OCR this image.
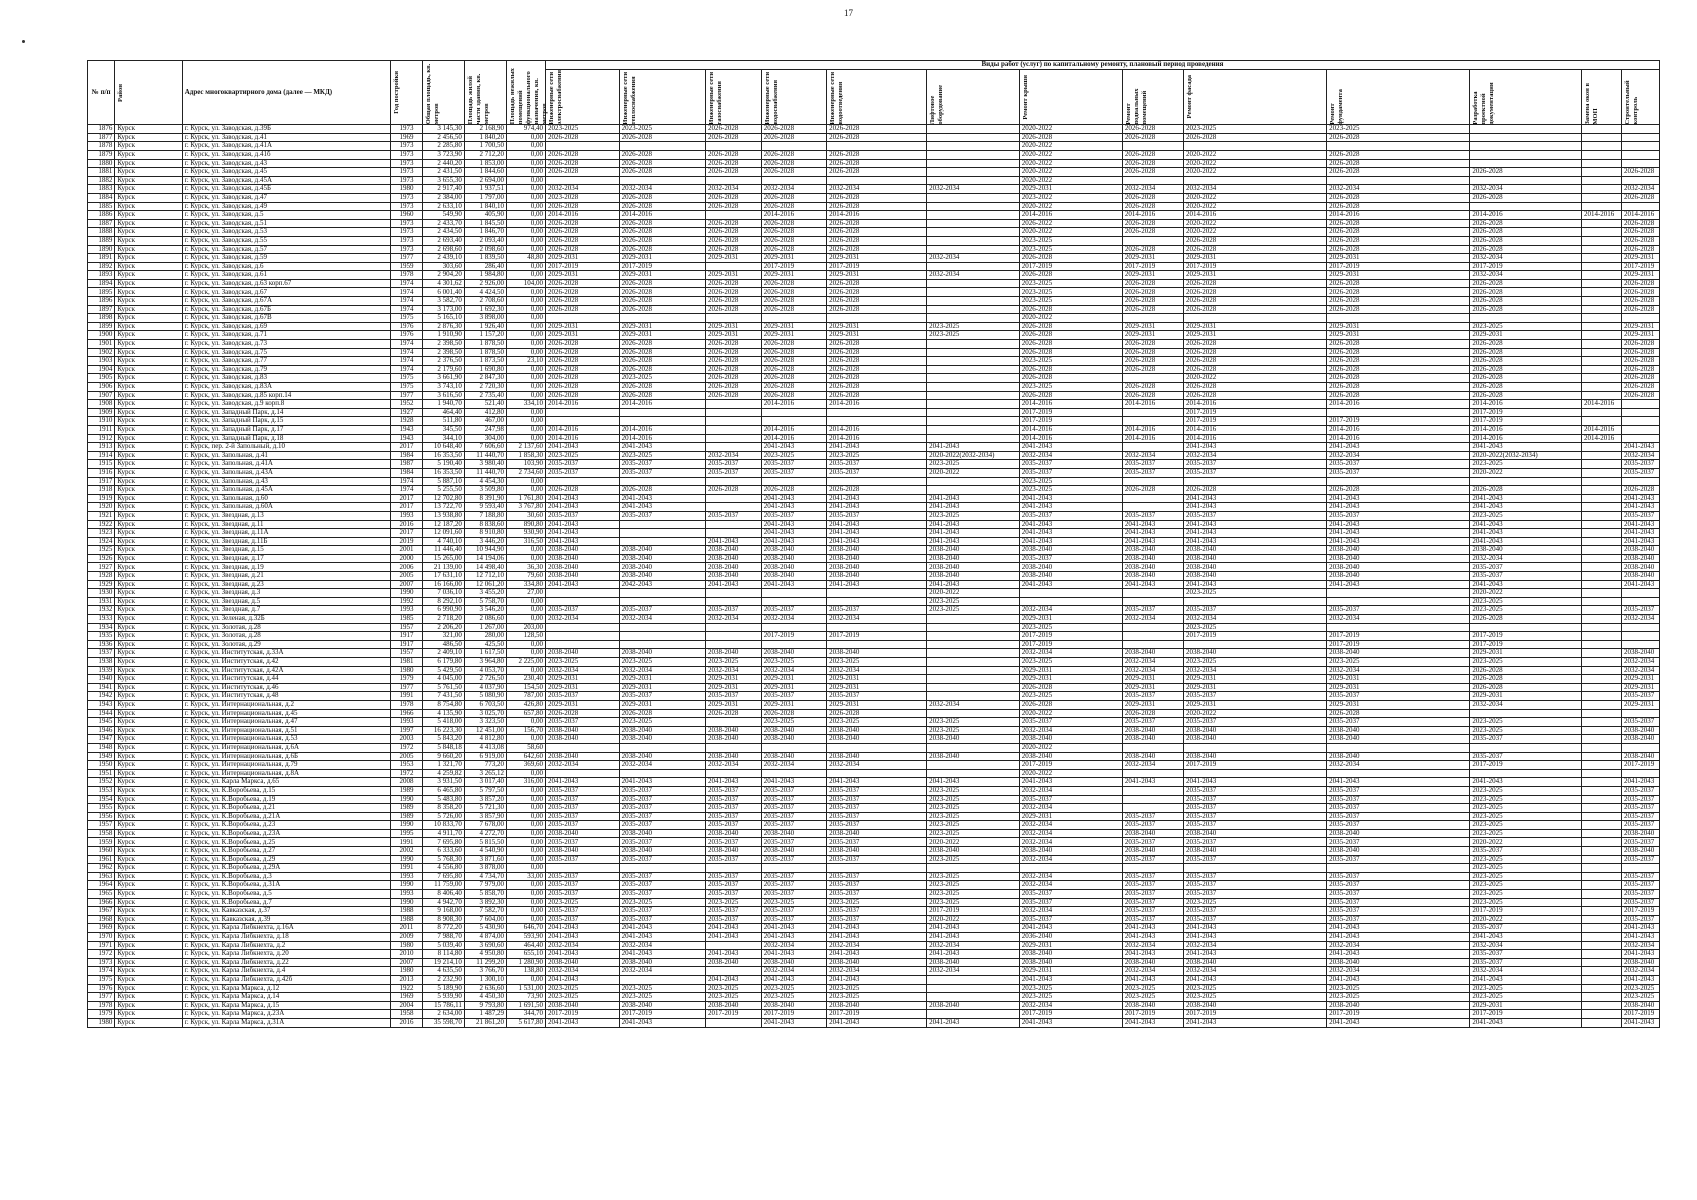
17
№ п/п	Район	Адрес многоквартирного дома (далее — МКД)	Год постройки	Общая площадь, кв. метров	Площадь жилой части здания, кв. метров	Площадь нежилых помещений функционального назначения, кв. метров	Виды работ (услуг) по капитальному ремонту, плановый период проведения												

							Инженерные сети электроснабжения	Инженерные сети теплоснабжения	Инженерные сети газоснабжения	Инженерные сети водоснабжения	Инженерные сети водоотведения	Лифтовое оборудование	Ремонт крыши	Ремонт подвальных помещений	Ремонт фасада	Ремонт фундамента	Разработка проектной документации	Замена окон в МОП	Строительный контроль

1876	Курск	г. Курск, ул. Заводская, д.39Б	1973	3 145,30	2 168,90	974,40	2023-2025	2023-2025	2026-2028	2026-2028	2026-2028		2020-2022	2026-2028	2023-2025	2023-2025			
1877	Курск	г. Курск, ул. Заводская, д.41	1969	2 456,50	1 840,20	0,00	2026-2028	2026-2028	2026-2028	2026-2028	2026-2028		2026-2028	2026-2028	2026-2028	2026-2028			
1878	Курск	г. Курск, ул. Заводская, д.41А	1973	2 285,80	1 700,50	0,00							2020-2022						
1879	Курск	г. Курск, ул. Заводская, д.41б	1973	3 723,90	2 712,20	0,00	2026-2028	2026-2028	2026-2028	2026-2028	2026-2028		2020-2022	2026-2028	2020-2022	2026-2028			
1880	Курск	г. Курск, ул. Заводская, д.43	1973	2 440,20	1 853,00	0,00	2026-2028	2026-2028	2026-2028	2026-2028	2026-2028		2020-2022	2026-2028	2020-2022	2026-2028			
1881	Курск	г. Курск, ул. Заводская, д.45	1973	2 431,50	1 844,60	0,00	2026-2028	2026-2028	2026-2028	2026-2028	2026-2028		2020-2022	2026-2028	2020-2022	2026-2028	2026-2028		2026-2028
1882	Курск	г. Курск, ул. Заводская, д.45А	1973	3 655,30	2 694,00	0,00							2020-2022						
1883	Курск	г. Курск, ул. Заводская, д.45Б	1980	2 917,40	1 937,51	0,00	2032-2034	2032-2034	2032-2034	2032-2034	2032-2034	2032-2034	2029-2031	2032-2034	2032-2034	2032-2034	2032-2034		2032-2034
1884	Курск	г. Курск, ул. Заводская, д.47	1973	2 384,00	1 797,00	0,00	2023-2028	2026-2028	2026-2028	2026-2028	2026-2028		2023-2022	2026-2028	2020-2022	2026-2028	2026-2028		2026-2028
1885	Курск	г. Курск, ул. Заводская, д.49	1973	2 633,10	1 840,10	0,00	2026-2028	2026-2028	2026-2028	2026-2028	2026-2028		2020-2022	2026-2028	2020-2022	2026-2028			
1886	Курск	г. Курск, ул. Заводская, д.5	1960	549,90	405,90	0,00	2014-2016	2014-2016		2014-2016	2014-2016		2014-2016	2014-2016	2014-2016	2014-2016	2014-2016	2014-2016	2014-2016
1887	Курск	г. Курск, ул. Заводская, д.51	1973	2 433,70	1 845,50	0,00	2026-2028	2026-2028	2026-2028	2026-2028	2026-2028		2026-2022	2026-2028	2020-2022	2026-2028	2026-2028		2026-2028
1888	Курск	г. Курск, ул. Заводская, д.53	1973	2 434,50	1 846,70	0,00	2026-2028	2026-2028	2026-2028	2026-2028	2026-2028		2020-2022	2026-2028	2020-2022	2026-2028	2026-2028		2026-2028
1889	Курск	г. Курск, ул. Заводская, д.55	1973	2 693,40	2 093,40	0,00	2026-2028	2026-2028	2026-2028	2026-2028	2026-2028		2023-2025		2026-2028	2026-2028	2026-2028		2026-2028
1890	Курск	г. Курск, ул. Заводская, д.57	1973	2 698,60	2 098,60	0,00	2026-2028	2026-2028	2026-2028	2026-2028	2026-2028		2023-2025	2026-2028	2026-2028	2026-2028	2026-2028		2026-2028
1891	Курск	г. Курск, ул. Заводская, д.59	1977	2 439,10	1 839,50	48,80	2029-2031	2029-2031	2029-2031	2029-2031	2029-2031	2032-2034	2026-2028	2029-2031	2029-2031	2029-2031	2032-2034		2029-2031
1892	Курск	г. Курск, ул. Заводская, д.6	1959	303,60	286,40	0,00	2017-2019	2017-2019		2017-2019	2017-2019		2017-2019	2017-2019	2017-2019	2017-2019	2017-2019		2017-2019
1893	Курск	г. Курск, ул. Заводская, д.61	1978	2 904,20	1 984,80	0,00	2029-2031	2029-2031	2029-2031	2029-2031	2029-2031	2032-2034	2026-2028	2029-2031	2029-2031	2029-2031	2032-2034		2029-2031
1894	Курск	г. Курск, ул. Заводская, д.63 корп.67	1974	4 301,62	2 926,00	104,00	2026-2028	2026-2028	2026-2028	2026-2028	2026-2028		2023-2025	2026-2028	2026-2028	2026-2028	2026-2028		2026-2028
1895	Курск	г. Курск, ул. Заводская, д.67	1974	6 001,40	4 424,50	0,00	2026-2028	2026-2028	2026-2028	2026-2028	2026-2028		2023-2025	2026-2028	2026-2028	2026-2028	2026-2028		2026-2028
1896	Курск	г. Курск, ул. Заводская, д.67А	1974	3 582,70	2 708,60	0,00	2026-2028	2026-2028	2026-2028	2026-2028	2026-2028		2023-2025	2026-2028	2026-2028	2026-2028	2026-2028		2026-2028
1897	Курск	г. Курск, ул. Заводская, д.67Б	1974	3 173,00	1 692,30	0,00	2026-2028	2026-2028	2026-2028	2026-2028	2026-2028		2026-2028	2026-2028	2026-2028	2026-2028	2026-2028		2026-2028
1898	Курск	г. Курск, ул. Заводская, д.67В	1975	5 165,10	3 898,00	0,00							2020-2022						
1899	Курск	г. Курск, ул. Заводская, д.69	1976	2 876,30	1 926,40	0,00	2029-2031	2029-2031	2029-2031	2029-2031	2029-2031	2023-2025	2026-2028	2029-2031	2029-2031	2029-2031	2023-2025		2029-2031
1900	Курск	г. Курск, ул. Заводская, д.71	1976	1 910,90	1 157,20	0,00	2029-2031	2029-2031	2029-2031	2029-2031	2029-2031	2023-2025	2026-2028	2029-2031	2029-2031	2029-2031	2029-2031		2029-2031
1901	Курск	г. Курск, ул. Заводская, д.73	1974	2 398,50	1 878,50	0,00	2026-2028	2026-2028	2026-2028	2026-2028	2026-2028		2026-2028	2026-2028	2026-2028	2026-2028	2026-2028		2026-2028
1902	Курск	г. Курск, ул. Заводская, д.75	1974	2 398,50	1 878,50	0,00	2026-2028	2026-2028	2026-2028	2026-2028	2026-2028		2026-2028	2026-2028	2026-2028	2026-2028	2026-2028		2026-2028
1903	Курск	г. Курск, ул. Заводская, д.77	1974	2 376,50	1 873,50	23,10	2026-2028	2026-2028	2026-2028	2026-2028	2026-2028		2023-2025	2026-2028	2026-2028	2026-2028	2026-2028		2026-2028
1904	Курск	г. Курск, ул. Заводская, д.79	1974	2 179,60	1 690,80	0,00	2026-2028	2026-2028	2026-2028	2026-2028	2026-2028		2026-2028	2026-2028	2026-2028	2026-2028	2026-2028		2026-2028
1905	Курск	г. Курск, ул. Заводская, д.83	1975	3 661,90	2 847,30	0,00	2026-2028	2023-2025	2026-2028	2026-2028	2026-2028		2026-2028		2020-2022	2026-2028	2026-2028		2026-2028
1906	Курск	г. Курск, ул. Заводская, д.83А	1975	3 743,10	2 720,30	0,00	2026-2028	2026-2028	2026-2028	2026-2028	2026-2028		2023-2025	2026-2028	2026-2028	2026-2028	2026-2028		2026-2028
1907	Курск	г. Курск, ул. Заводская, д.85 корп.14	1977	3 616,50	2 735,40	0,00	2026-2028	2026-2028	2026-2028	2026-2028	2026-2028		2026-2028	2026-2028	2026-2028	2026-2028	2026-2028		2026-2028
1908	Курск	г. Курск, ул. Заводская, д.9 корп.8	1952	1 940,70	521,40	334,10	2014-2016	2014-2016		2014-2016	2014-2016		2014-2016	2014-2016	2014-2016	2014-2016	2014-2016	2014-2016	
1909	Курск	г. Курск, ул. Западный Парк, д.14	1927	464,40	412,80	0,00							2017-2019		2017-2019		2017-2019		
1910	Курск	г. Курск, ул. Западный Парк, д.15	1928	511,80	467,00	0,00							2017-2019		2017-2019	2017-2019	2017-2019		
1911	Курск	г. Курск, ул. Западный Парк, д.17	1943	345,50	247,98	0,00	2014-2016	2014-2016		2014-2016	2014-2016		2014-2016	2014-2016	2014-2016	2014-2016	2014-2016	2014-2016	
1912	Курск	г. Курск, ул. Западный Парк, д.18	1943	344,10	304,00	0,00	2014-2016	2014-2016		2014-2016	2014-2016		2014-2016	2014-2016	2014-2016	2014-2016	2014-2016	2014-2016	
1913	Курск	г. Курск, пер. 2-й Запольный, д.10	2017	10 648,40	7 606,60	2 137,60	2041-2043	2041-2043		2041-2043	2041-2043	2041-2043	2041-2043		2041-2043	2041-2043	2041-2043		2041-2043
1914	Курск	г. Курск, ул. Запольная, д.41	1984	16 353,50	11 440,70	1 858,30	2023-2025	2023-2025	2032-2034	2023-2025	2023-2025	2020-2022(2032-2034)	2032-2034	2032-2034	2032-2034	2032-2034	2020-2022(2032-2034)		2032-2034
1915	Курск	г. Курск, ул. Запольная, д.41А	1987	5 190,40	3 980,40	103,90	2035-2037	2035-2037	2035-2037	2035-2037	2035-2037	2023-2025	2035-2037	2035-2037	2035-2037	2035-2037	2023-2025		2035-2037
1916	Курск	г. Курск, ул. Запольная, д.43А	1984	16 353,50	11 440,70	2 734,60	2035-2037	2035-2037	2035-2037	2035-2037	2035-2037	2020-2022	2035-2037	2035-2037	2035-2037	2035-2037	2020-2022		2035-2037
1917	Курск	г. Курск, ул. Запольная, д.43	1974	5 887,10	4 454,30	0,00							2023-2025						
1918	Курск	г. Курск, ул. Запольная, д.45А	1974	5 255,50	3 509,80	0,00	2026-2028	2026-2028	2026-2028	2026-2028	2026-2028		2023-2025	2026-2028	2026-2028	2026-2028	2026-2028		2026-2028
1919	Курск	г. Курск, ул. Запольная, д.60	2017	12 702,80	8 391,90	1 761,80	2041-2043	2041-2043		2041-2043	2041-2043	2041-2043	2041-2043		2041-2043	2041-2043	2041-2043		2041-2043
1920	Курск	г. Курск, ул. Запольная, д.60А	2017	13 722,70	9 593,40	3 767,80	2041-2043	2041-2043		2041-2043	2041-2043	2041-2043	2041-2043		2041-2043	2041-2043	2041-2043		2041-2043
1921	Курск	г. Курск, ул. Звездная, д.13	1993	13 938,80	7 188,80	30,60	2035-2037	2035-2037	2035-2037	2035-2037	2035-2037	2023-2025	2035-2037	2035-2037	2035-2037	2035-2037	2023-2025		2035-2037
1922	Курск	г. Курск, ул. Звездная, д.11	2016	12 187,20	8 838,60	890,80	2041-2043			2041-2043	2041-2043	2041-2043	2041-2043	2041-2043	2041-2043	2041-2043	2041-2043		2041-2043
1923	Курск	г. Курск, ул. Звездная, д.11А	2017	12 091,60	8 910,80	930,90	2041-2043			2041-2043	2041-2043	2041-2043	2041-2043	2041-2043	2041-2043	2041-2043	2041-2043		2041-2043
1924	Курск	г. Курск, ул. Звездная, д.11Б	2019	4 740,10	3 446,20	316,50	2041-2043		2041-2043	2041-2043	2041-2043	2041-2043	2041-2043	2041-2043	2041-2043	2041-2043	2041-2043		2041-2043
1925	Курск	г. Курск, ул. Звездная, д.15	2001	11 446,40	10 944,90	0,00	2038-2040	2038-2040	2038-2040	2038-2040	2038-2040	2038-2040	2038-2040	2038-2040	2038-2040	2038-2040	2038-2040		2038-2040
1926	Курск	г. Курск, ул. Звездная, д.17	2000	15 265,00	14 194,06	0,00	2038-2040	2038-2040	2038-2040	2038-2040	2038-2040	2038-2040	2035-2037	2038-2040	2038-2040	2038-2040	2032-2034		2038-2040
1927	Курск	г. Курск, ул. Звездная, д.19	2006	21 139,00	14 498,40	36,30	2038-2040	2038-2040	2038-2040	2038-2040	2038-2040	2038-2040	2038-2040	2038-2040	2038-2040	2038-2040	2035-2037		2038-2040
1928	Курск	г. Курск, ул. Звездная, д.21	2005	17 631,10	12 712,10	79,60	2038-2040	2038-2040	2038-2040	2038-2040	2038-2040	2038-2040	2038-2040	2038-2040	2038-2040	2038-2040	2035-2037		2038-2040
1929	Курск	г. Курск, ул. Звездная, д.23	2007	16 166,00	12 061,20	334,80	2041-2043	2042-2043	2041-2043	2041-2043	2041-2043	2041-2043	2041-2043	2041-2043	2041-2043	2041-2043	2041-2043		2041-2043
1930	Курск	г. Курск, ул. Звездная, д.3	1990	7 036,10	3 455,20	27,00						2020-2022			2023-2025		2020-2022		
1931	Курск	г. Курск, ул. Звездная, д.5	1992	8 292,10	5 758,70	0,00						2023-2025					2023-2025		
1932	Курск	г. Курск, ул. Звездная, д.7	1993	6 990,90	3 546,20	0,00	2035-2037	2035-2037	2035-2037	2035-2037	2035-2037	2023-2025	2032-2034	2035-2037	2035-2037	2035-2037	2023-2025		2035-2037
1933	Курск	г. Курск, ул. Зеленая, д.32Б	1985	2 718,20	2 086,60	0,00	2032-2034	2032-2034	2032-2034	2032-2034	2032-2034		2029-2031	2032-2034	2032-2034	2032-2034	2026-2028		2032-2034
1934	Курск	г. Курск, ул. Золотая, д.28	1957	2 206,20	1 267,00	203,00							2023-2025		2023-2025				
1935	Курск	г. Курск, ул. Золотая, д.28	1917	321,00	280,00	128,50				2017-2019	2017-2019		2017-2019		2017-2019	2017-2019	2017-2019		
1936	Курск	г. Курск, ул. Золотая, д.29	1917	486,50	425,50	0,00							2017-2019			2017-2019	2017-2019		
1937	Курск	г. Курск, ул. Институтская, д.33А	1957	2 409,10	1 617,50	0,00	2038-2040	2038-2040	2038-2040	2038-2040	2038-2040		2032-2034	2038-2040	2038-2040	2038-2040	2029-2031		2038-2040
1938	Курск	г. Курск, ул. Институтская, д.42	1981	6 179,80	3 964,80	2 225,00	2023-2025	2023-2025	2023-2025	2023-2025	2023-2025		2023-2025	2032-2034	2023-2025	2023-2025	2023-2025		2032-2034
1939	Курск	г. Курск, ул. Институтская, д.42А	1980	5 429,50	4 053,70	0,00	2032-2034	2032-2034	2032-2034	2032-2034	2032-2034		2029-2031	2032-2034	2032-2034	2032-2034	2026-2028		2032-2034
1940	Курск	г. Курск, ул. Институтская, д.44	1979	4 045,00	2 726,50	230,40	2029-2031	2029-2031	2029-2031	2029-2031	2029-2031		2029-2031	2029-2031	2029-2031	2029-2031	2026-2028		2029-2031
1941	Курск	г. Курск, ул. Институтская, д.46	1977	5 761,50	4 037,90	154,50	2029-2031	2029-2031	2029-2031	2029-2031	2029-2031		2026-2028	2029-2031	2029-2031	2029-2031	2026-2028		2029-2031
1942	Курск	г. Курск, ул. Институтская, д.48	1991	7 431,50	5 080,90	787,00	2035-2037	2035-2037	2035-2037	2035-2037	2035-2037		2023-2025	2035-2037	2035-2037	2035-2037	2029-2031		2035-2037
1943	Курск	г. Курск, ул. Интернациональная, д.2	1978	8 754,80	6 703,50	426,80	2029-2031	2029-2031	2029-2031	2029-2031	2029-2031	2032-2034	2026-2028	2029-2031	2029-2031	2029-2031	2032-2034		2029-2031
1944	Курск	г. Курск, ул. Интернациональная, д.45	1966	4 135,90	3 025,70	657,80	2026-2028	2026-2028	2026-2028	2026-2028	2026-2028		2020-2022	2026-2028	2020-2022	2026-2028			
1945	Курск	г. Курск, ул. Интернациональная, д.47	1993	5 418,00	3 323,50	0,00	2035-2037	2023-2025		2023-2025	2023-2025	2023-2025	2035-2037	2035-2037	2035-2037	2035-2037	2023-2025		2035-2037
1946	Курск	г. Курск, ул. Интернациональная, д.51	1997	16 223,30	12 451,00	156,70	2038-2040	2038-2040	2038-2040	2038-2040	2038-2040	2023-2025	2032-2034	2038-2040	2038-2040	2038-2040	2023-2025		2038-2040
1947	Курск	г. Курск, ул. Интернациональная, д.53	2003	5 843,20	4 812,80	0,00	2038-2040	2038-2040	2038-2040	2038-2040	2038-2040	2038-2040	2038-2040	2038-2040	2038-2040	2038-2040	2035-2037		2038-2040
1948	Курск	г. Курск, ул. Интернациональная, д.6А	1972	5 848,18	4 413,08	58,60							2020-2022						
1949	Курск	г. Курск, ул. Интернациональная, д.6Б	2005	9 660,20	6 919,00	642,60	2038-2040	2038-2040	2038-2040	2038-2040	2038-2040	2038-2040	2038-2040	2038-2040	2038-2040	2038-2040	2035-2037		2038-2040
1950	Курск	г. Курск, ул. Интернациональная, д.79	1953	1 321,70	773,20	369,60	2032-2034	2032-2034	2032-2034	2032-2034	2032-2034		2017-2019	2032-2034	2017-2019	2032-2034	2017-2019		2017-2019
1951	Курск	г. Курск, ул. Интернациональная, д.8А	1972	4 259,82	3 265,12	0,00							2020-2022						
1952	Курск	г. Курск, ул. Карла Маркса, д.65	2008	3 931,50	3 017,40	316,00	2041-2043	2041-2043	2041-2043	2041-2043	2041-2043	2041-2043	2041-2043	2041-2043	2041-2043	2041-2043	2041-2043		2041-2043
1953	Курск	г. Курск, ул. К.Воробьева, д.15	1989	6 465,80	5 797,50	0,00	2035-2037	2035-2037	2035-2037	2035-2037	2035-2037	2023-2025	2032-2034		2035-2037	2035-2037	2023-2025		2035-2037
1954	Курск	г. Курск, ул. К.Воробьева, д.19	1990	5 483,80	3 857,20	0,00	2035-2037	2035-2037	2035-2037	2035-2037	2035-2037	2023-2025	2035-2037		2035-2037	2035-2037	2023-2025		2035-2037
1955	Курск	г. Курск, ул. К.Воробьева, д.21	1989	8 358,20	5 721,30	0,00	2035-2037	2035-2037	2035-2037	2035-2037	2035-2037	2023-2025	2032-2034		2035-2037	2035-2037	2023-2025		2035-2037
1956	Курск	г. Курск, ул. К.Воробьева, д.21А	1989	5 726,00	3 857,90	0,00	2035-2037	2035-2037	2035-2037	2035-2037	2035-2037	2023-2025	2029-2031	2035-2037	2035-2037	2035-2037	2023-2025		2035-2037
1957	Курск	г. Курск, ул. К.Воробьева, д.23	1990	10 833,70	7 678,00	0,00	2035-2037	2035-2037	2035-2037	2035-2037	2035-2037	2023-2025	2032-2034	2035-2037	2035-2037	2035-2037	2023-2025		2035-2037
1958	Курск	г. Курск, ул. К.Воробьева, д.23А	1995	4 911,70	4 272,70	0,00	2038-2040	2038-2040	2038-2040	2038-2040	2038-2040	2023-2025	2032-2034	2038-2040	2038-2040	2038-2040	2023-2025		2038-2040
1959	Курск	г. Курск, ул. К.Воробьева, д.25	1991	7 695,80	5 815,50	0,00	2035-2037	2035-2037	2035-2037	2035-2037	2035-2037	2020-2022	2032-2034	2035-2037	2035-2037	2035-2037	2020-2022		2035-2037
1960	Курск	г. Курск, ул. К.Воробьева, д.27	2002	6 333,60	4 540,90	0,00	2038-2040	2038-2040	2038-2040	2038-2040	2038-2040	2038-2040	2038-2040	2038-2040	2038-2040	2038-2040	2035-2037		2038-2040
1961	Курск	г. Курск, ул. К.Воробьева, д.29	1990	5 768,30	3 871,60	0,00	2035-2037	2035-2037	2035-2037	2035-2037	2035-2037	2023-2025	2032-2034	2035-2037	2035-2037	2035-2037	2023-2025		2035-2037
1962	Курск	г. Курск, ул. К.Воробьева, д.29А	1991	4 556,80	3 878,00	0,00											2023-2025		
1963	Курск	г. Курск, ул. К.Воробьева, д.3	1993	7 695,80	4 734,70	33,00	2035-2037	2035-2037	2035-2037	2035-2037	2035-2037	2023-2025	2032-2034	2035-2037	2035-2037	2035-2037	2023-2025		2035-2037
1964	Курск	г. Курск, ул. К.Воробьева, д.31А	1990	11 759,00	7 979,00	0,00	2035-2037	2035-2037	2035-2037	2035-2037	2035-2037	2023-2025	2032-2034	2035-2037	2035-2037	2035-2037	2023-2025		2035-2037
1965	Курск	г. Курск, ул. К.Воробьева, д.5	1993	8 406,40	5 858,70	0,00	2035-2037	2035-2037	2035-2037	2035-2037	2035-2037	2023-2025	2035-2037	2035-2037	2035-2037	2035-2037	2023-2025		2035-2037
1966	Курск	г. Курск, ул. К.Воробьева, д.7	1990	4 942,70	3 892,30	0,00	2023-2025	2023-2025	2023-2025	2023-2025	2023-2025	2023-2025	2035-2037	2035-2037	2023-2025	2035-2037	2023-2025		2035-2037
1967	Курск	г. Курск, ул. Кавказская, д.37	1988	9 168,00	7 582,70	0,00	2035-2037	2035-2037	2035-2037	2035-2037	2035-2037	2017-2019	2032-2034	2035-2037	2035-2037	2035-2037	2017-2019		2017-2019
1968	Курск	г. Курск, ул. Кавказская, д.39	1988	8 908,30	7 604,00	0,00	2035-2037	2035-2037	2035-2037	2035-2037	2035-2037	2020-2022	2035-2037	2035-2037	2035-2037	2035-2037	2020-2022		2035-2037
1969	Курск	г. Курск, ул. Карла Либкнехта, д.16А	2011	8 772,20	5 430,90	646,70	2041-2043	2041-2043	2041-2043	2041-2043	2041-2043	2041-2043	2041-2043	2041-2043	2041-2043	2041-2043	2035-2037		2041-2043
1970	Курск	г. Курск, ул. Карла Либкнехта, д.18	2009	7 988,70	4 874,00	593,90	2041-2043	2041-2043	2041-2043	2041-2043	2041-2043	2041-2043	2036-2040	2041-2043	2041-2043	2041-2043	2041-2043		2041-2043
1971	Курск	г. Курск, ул. Карла Либкнехта, д.2	1980	5 039,40	3 690,60	464,40	2032-2034	2032-2034		2032-2034	2032-2034	2032-2034	2029-2031	2032-2034	2032-2034	2032-2034	2032-2034		2032-2034
1972	Курск	г. Курск, ул. Карла Либкнехта, д.20	2010	8 114,80	4 950,80	655,10	2041-2043	2041-2043	2041-2043	2041-2043	2041-2043	2041-2043	2038-2040	2041-2043	2041-2043	2041-2043	2035-2037		2041-2043
1973	Курск	г. Курск, ул. Карла Либкнехта, д.22	2007	19 214,10	11 299,20	1 280,90	2038-2040	2038-2040	2038-2040	2038-2040	2038-2040	2038-2040	2038-2040	2038-2040	2038-2040	2038-2040	2035-2037		2038-2040
1974	Курск	г. Курск, ул. Карла Либкнехта, д.4	1980	4 635,50	3 766,70	138,80	2032-2034	2032-2034		2032-2034	2032-2034	2032-2034	2029-2031	2032-2034	2032-2034	2032-2034	2032-2034		2032-2034
1975	Курск	г. Курск, ул. Карла Либкнехта, д.42б	2013	2 232,90	1 300,10	0,00	2041-2043		2041-2043	2041-2043	2041-2043		2041-2043	2041-2043	2041-2043	2041-2043	2041-2043		2041-2043
1976	Курск	г. Курск, ул. Карла Маркса, д.12	1922	5 189,90	2 636,60	1 531,00	2023-2025	2023-2025	2023-2025	2023-2025	2023-2025		2023-2025	2023-2025	2023-2025	2023-2025	2023-2025		2023-2025
1977	Курск	г. Курск, ул. Карла Маркса, д.14	1969	5 939,90	4 450,30	73,90	2023-2025	2023-2025	2023-2025	2023-2025	2023-2025		2023-2025	2023-2025	2023-2025	2023-2025	2023-2025		2023-2025
1978	Курск	г. Курск, ул. Карла Маркса, д.15	2004	15 786,11	9 793,80	1 691,50	2038-2040	2038-2040	2038-2040	2038-2040	2038-2040	2038-2040	2032-2034	2038-2040	2038-2040	2038-2040	2029-2031		2038-2040
1979	Курск	г. Курск, ул. Карла Маркса, д.23А	1958	2 634,00	1 487,29	344,70	2017-2019	2017-2019	2017-2019	2017-2019	2017-2019		2017-2019	2017-2019	2017-2019	2017-2019	2017-2019		2017-2019
1980	Курск	г. Курск, ул. Карла Маркса, д.31А	2016	35 598,70	21 861,20	5 617,80	2041-2043	2041-2043		2041-2043	2041-2043	2041-2043	2041-2043	2041-2043	2041-2043	2041-2043	2041-2043		2041-2043
